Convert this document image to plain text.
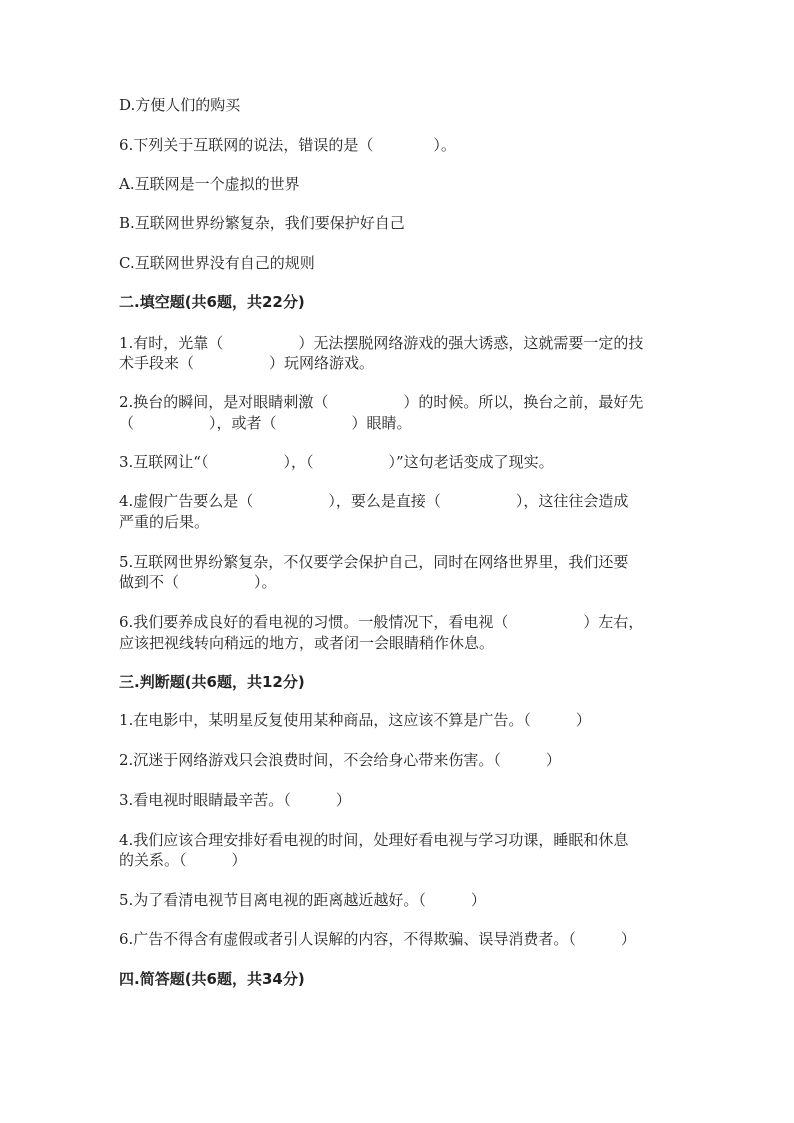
D.方便人们的购买
6.下列关于互联网的说法，错误的是（　　　　）。
A.互联网是一个虚拟的世界
B.互联网世界纷繁复杂，我们要保护好自己
C.互联网世界没有自己的规则
二.填空题(共6题，共22分)
1.有时，光靠（　　　　　）无法摆脱网络游戏的强大诱惑，这就需要一定的技
术手段来（　　　　　）玩网络游戏。
2.换台的瞬间，是对眼睛刺激（　　　　　）的时候。所以，换台之前，最好先
（　　　　　），或者（　　　　　）眼睛。
3.互联网让“（　　　　　），（　　　　　）”这句老话变成了现实。
4.虚假广告要么是（　　　　　），要么是直接（　　　　　），这往往会造成
严重的后果。
5.互联网世界纷繁复杂，不仅要学会保护自己，同时在网络世界里，我们还要
做到不（　　　　　）。
6.我们要养成良好的看电视的习惯。一般情况下，看电视（　　　　　）左右，
应该把视线转向稍远的地方，或者闭一会眼睛稍作休息。
三.判断题(共6题，共12分)
1.在电影中，某明星反复使用某种商品，这应该不算是广告。（　　　）
2.沉迷于网络游戏只会浪费时间，不会给身心带来伤害。（　　　）
3.看电视时眼睛最辛苦。（　　　）
4.我们应该合理安排好看电视的时间，处理好看电视与学习功课，睡眠和休息
的关系。（　　　）
5.为了看清电视节目离电视的距离越近越好。（　　　）
6.广告不得含有虚假或者引人误解的内容，不得欺骗、误导消费者。（　　　）
四.简答题(共6题，共34分)
